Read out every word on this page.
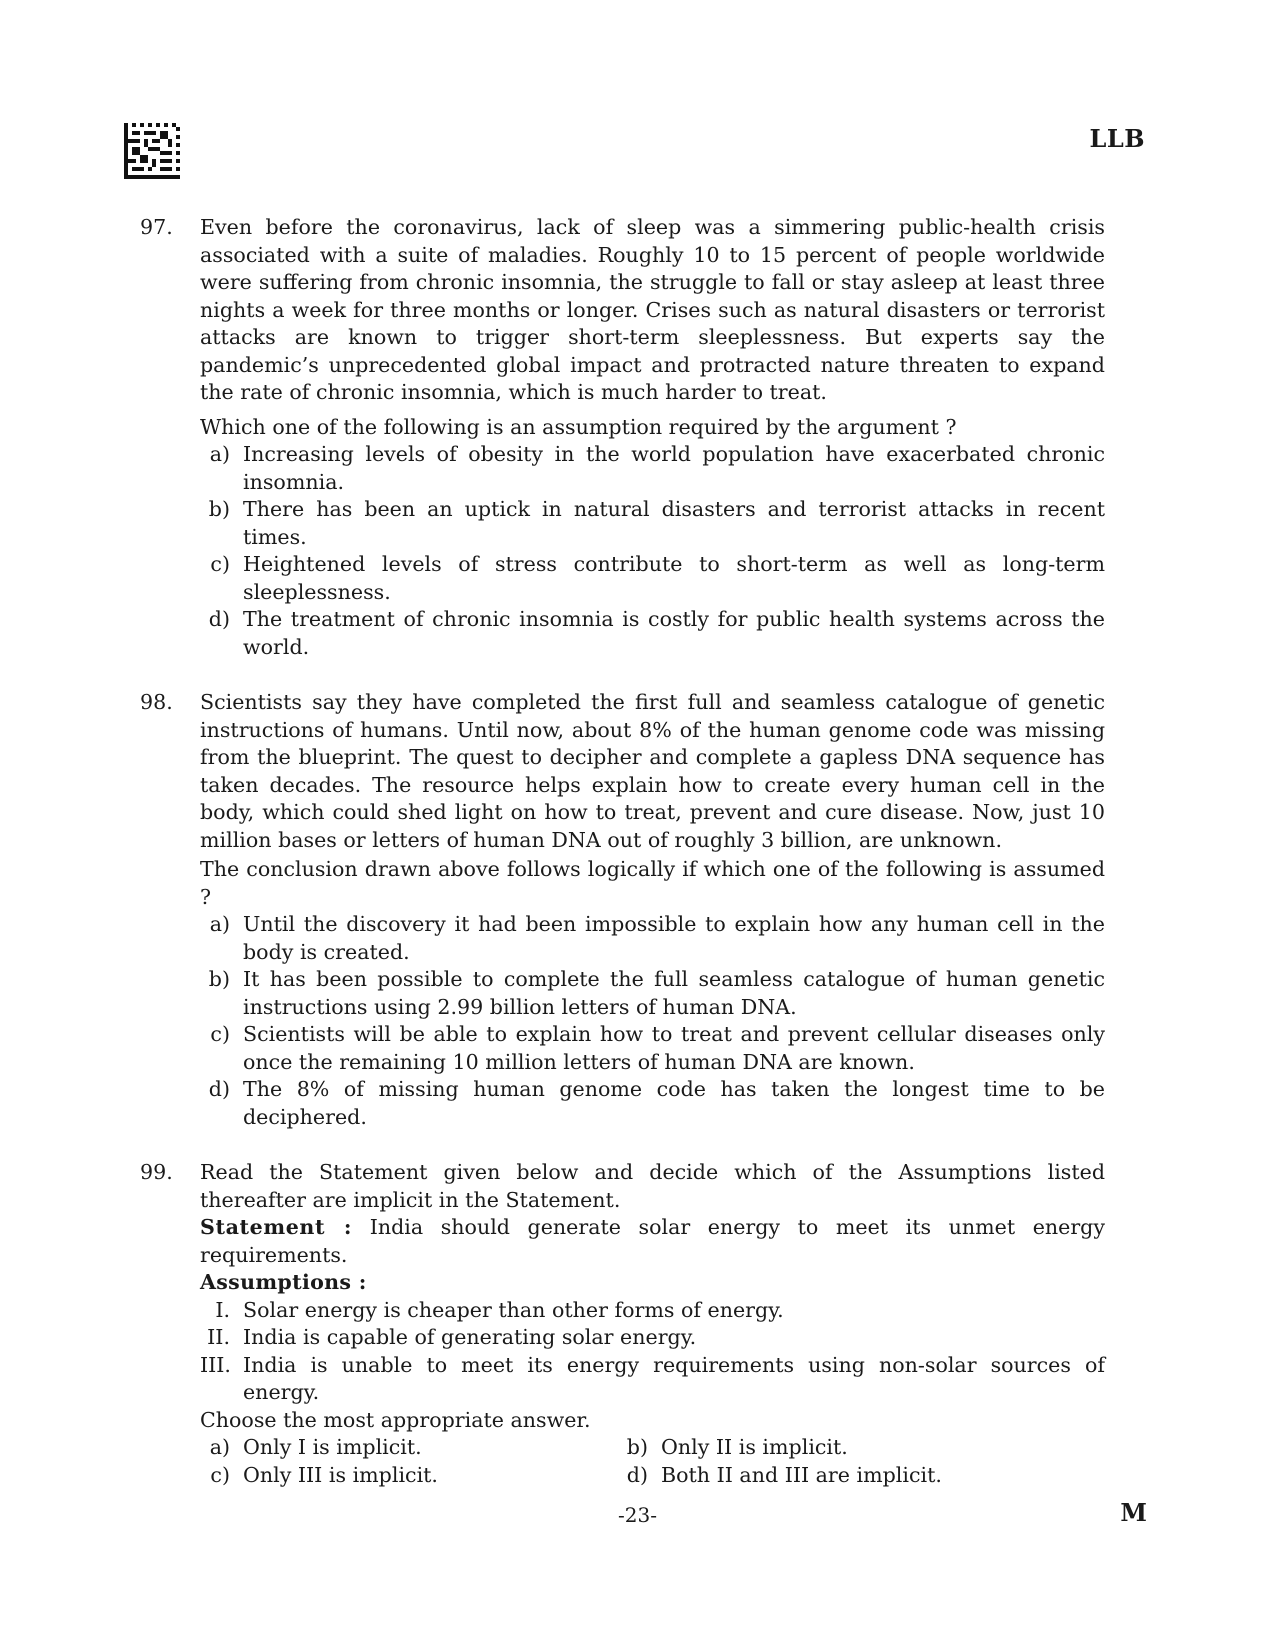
LLB
97. Even before the coronavirus, lack of sleep was a simmering public-health crisis associated with a suite of maladies. Roughly 10 to 15 percent of people worldwide were suffering from chronic insomnia, the struggle to fall or stay asleep at least three nights a week for three months or longer. Crises such as natural disasters or terrorist attacks are known to trigger short-term sleeplessness. But experts say the pandemic’s unprecedented global impact and protracted nature threaten to expand the rate of chronic insomnia, which is much harder to treat.
Which one of the following is an assumption required by the argument ?
a) Increasing levels of obesity in the world population have exacerbated chronic insomnia.
b) There has been an uptick in natural disasters and terrorist attacks in recent times.
c) Heightened levels of stress contribute to short-term as well as long-term sleeplessness.
d) The treatment of chronic insomnia is costly for public health systems across the world.
98. Scientists say they have completed the first full and seamless catalogue of genetic instructions of humans. Until now, about 8% of the human genome code was missing from the blueprint. The quest to decipher and complete a gapless DNA sequence has taken decades. The resource helps explain how to create every human cell in the body, which could shed light on how to treat, prevent and cure disease. Now, just 10 million bases or letters of human DNA out of roughly 3 billion, are unknown.
The conclusion drawn above follows logically if which one of the following is assumed ?
a) Until the discovery it had been impossible to explain how any human cell in the body is created.
b) It has been possible to complete the full seamless catalogue of human genetic instructions using 2.99 billion letters of human DNA.
c) Scientists will be able to explain how to treat and prevent cellular diseases only once the remaining 10 million letters of human DNA are known.
d) The 8% of missing human genome code has taken the longest time to be deciphered.
99. Read the Statement given below and decide which of the Assumptions listed thereafter are implicit in the Statement.
Statement : India should generate solar energy to meet its unmet energy requirements.
Assumptions :
I. Solar energy is cheaper than other forms of energy.
II. India is capable of generating solar energy.
III. India is unable to meet its energy requirements using non-solar sources of energy.
Choose the most appropriate answer.
a) Only I is implicit.	b) Only II is implicit.
c) Only III is implicit.	d) Both II and III are implicit.
-23-	M
